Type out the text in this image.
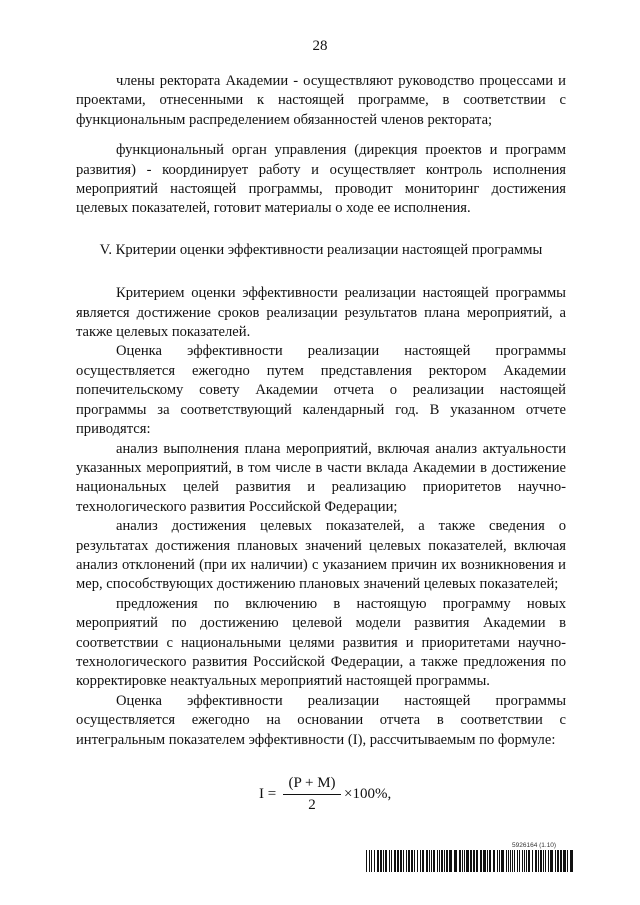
28

члены ректората Академии - осуществляют руководство процессами и проектами, отнесенными к настоящей программе, в соответствии с функциональным распределением обязанностей членов ректората;

функциональный орган управления (дирекция проектов и программ развития) - координирует работу и осуществляет контроль исполнения мероприятий настоящей программы, проводит мониторинг достижения целевых показателей, готовит материалы о ходе ее исполнения.

V. Критерии оценки эффективности реализации настоящей программы

Критерием оценки эффективности реализации настоящей программы является достижение сроков реализации результатов плана мероприятий, а также целевых показателей.

Оценка эффективности реализации настоящей программы осуществляется ежегодно путем представления ректором Академии попечительскому совету Академии отчета о реализации настоящей программы за соответствующий календарный год. В указанном отчете приводятся:

анализ выполнения плана мероприятий, включая анализ актуальности указанных мероприятий, в том числе в части вклада Академии в достижение национальных целей развития и реализацию приоритетов научно-технологического развития Российской Федерации;

анализ достижения целевых показателей, а также сведения о результатах достижения плановых значений целевых показателей, включая анализ отклонений (при их наличии) с указанием причин их возникновения и мер, способствующих достижению плановых значений целевых показателей;

предложения по включению в настоящую программу новых мероприятий по достижению целевой модели развития Академии в соответствии с национальными целями развития и приоритетами научно-технологического развития Российской Федерации, а также предложения по корректировке неактуальных мероприятий настоящей программы.

Оценка эффективности реализации настоящей программы осуществляется ежегодно на основании отчета в соответствии с интегральным показателем эффективности (I), рассчитываемым по формуле:

$I = \frac{(P + M)}{2} \times 100\%$,
5926164 (1.10)
